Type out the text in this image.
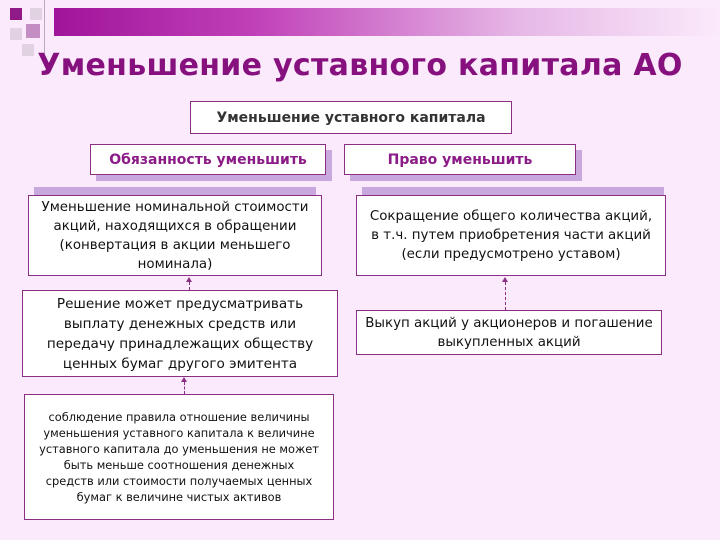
Уменьшение уставного капитала АО
Уменьшение уставного капитала
Обязанность уменьшить	Право уменьшить
Уменьшение номинальной стоимости акций, находящихся в обращении (конвертация в акции меньшего номинала)
Сокращение общего количества акций, в т.ч. путем приобретения части акций (если предусмотрено уставом)
Решение может предусматривать выплату денежных средств или передачу принадлежащих обществу ценных бумаг другого эмитента
соблюдение правила отношение величины уменьшения уставного капитала к величине уставного капитала до уменьшения не может быть меньше соотношения денежных средств или стоимости получаемых ценных бумаг к величине чистых активов
Выкуп акций у акционеров и погашение выкупленных акций
